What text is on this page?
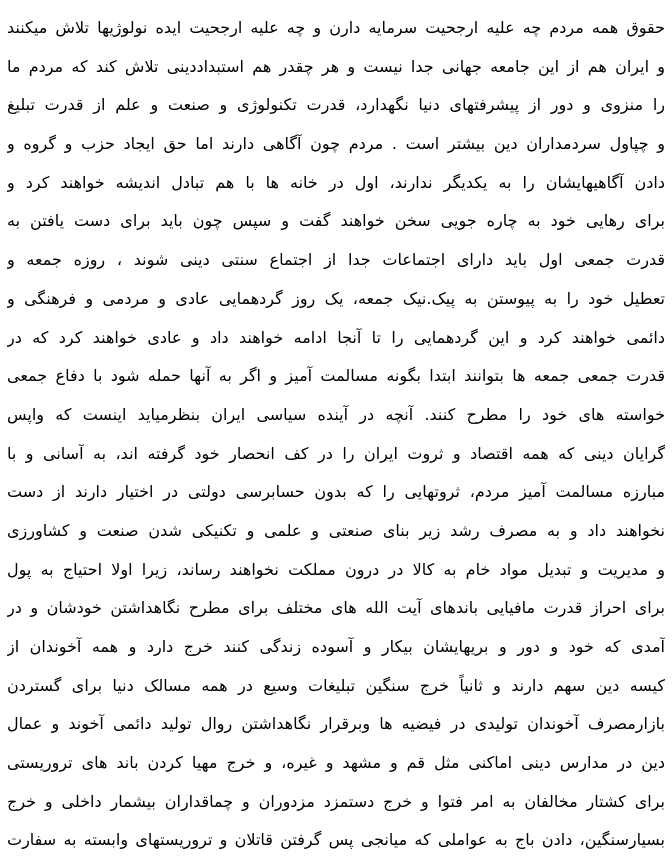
حقوق همه مردم چه علیه ارجحیت سرمایه دارن و چه علیه ارجحیت ایده نولوژیها تلاش میکنند
و ایران هم از این جامعه جهانی جدا نیست و هر چقدر هم استبداددینی تلاش کند که مردم ما
را منزوی و دور از پیشرفتهای دنیا نگهدارد، قدرت تکنولوژی و صنعت و علم از قدرت تبلیغ
و چپاول سردمداران دین بیشتر است . مردم چون آگاهی دارند اما حق ایجاد حزب و گروه و
دادن آگاهیهایشان را به یکدیگر ندارند، اول در خانه ها با هم تبادل اندیشه خواهند کرد و
برای رهایی خود به چاره جویی سخن خواهند گفت و سپس چون باید برای دست یافتن به
قدرت جمعی اول باید دارای اجتماعات جدا از اجتماع سنتی دینی شوند ، روزه جمعه و
تعطیل خود را به پیوستن به پیک.نیک جمعه، یک روز گردهمایی عادی و مردمی و فرهنگی و
دائمی خواهند کرد و این گردهمایی را تا آنجا ادامه خواهند داد و عادی خواهند کرد که در
قدرت جمعی جمعه ها بتوانند ابتدا بگونه مسالمت آمیز و اگر به آنها حمله شود با دفاع جمعی
خواسته های خود را مطرح کنند. آنچه در آینده سیاسی ایران بنظرمیاید اینست که واپس
گرایان دینی که همه اقتصاد و ثروت ایران را در کف انحصار خود گرفته اند، به آسانی و با
مبارزه مسالمت آمیز مردم، ثروتهایی را که بدون حسابرسی دولتی در اختیار دارند از دست
نخواهند داد و به مصرف رشد زیر بنای صنعتی و علمی و تکنیکی شدن صنعت و کشاورزی
و مدیریت و تبدیل مواد خام به کالا در درون مملکت نخواهند رساند، زیرا اولا احتیاج به پول
برای احراز قدرت مافیایی باندهای آیت الله های مختلف برای مطرح نگاهداشتن خودشان و در
آمدی که خود و دور و بریهایشان بیکار و آسوده زندگی کنند خرج دارد و همه آخوندان از
کیسه دین سهم دارند و ثانیاً خرج سنگین تبلیغات وسیع در همه مسالک دنیا برای گستردن
بازارمصرف آخوندان تولیدی در فیضیه ها وبرقرار نگاهداشتن روال تولید دائمی آخوند و عمال
دین در مدارس دینی اماکنی مثل قم و مشهد و غیره، و خرج مهیا کردن باند های تروریستی
برای کشتار مخالفان به امر فتوا و خرج دستمزد مزدوران و چماقداران بیشمار داخلی و خرج
بسیارسنگین، دادن باج به عواملی که میانجی پس گرفتن قاتلان و تروریستهای وابسته به سفارت
